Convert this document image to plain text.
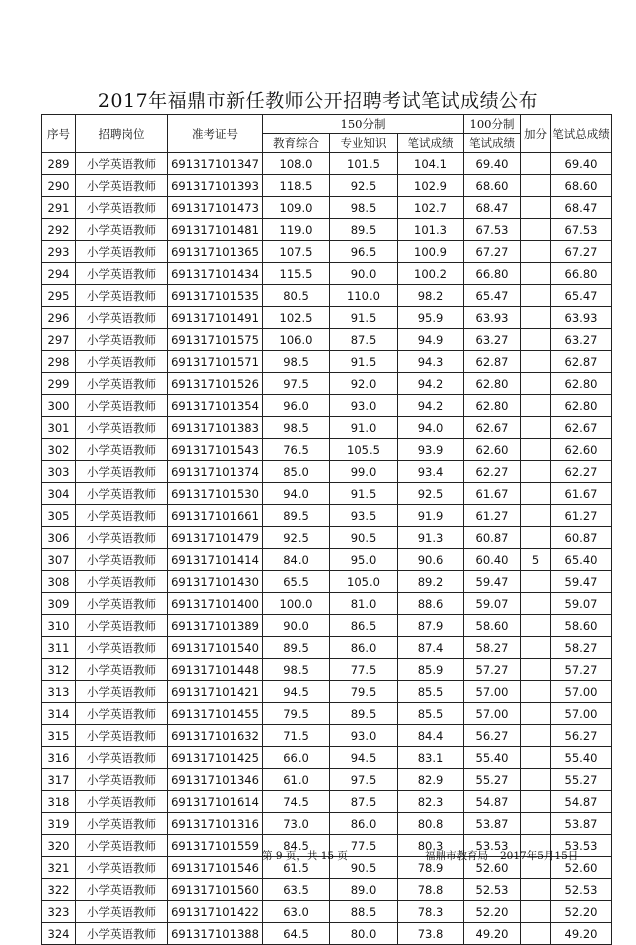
2017年福鼎市新任教师公开招聘考试笔试成绩公布
序号	招聘岗位	准考证号	150分制			100分制	加分	笔试总成绩
			教育综合	专业知识	笔试成绩	笔试成绩		
289	小学英语教师	691317101347	108.0	101.5	104.1	69.40		69.40
290	小学英语教师	691317101393	118.5	92.5	102.9	68.60		68.60
291	小学英语教师	691317101473	109.0	98.5	102.7	68.47		68.47
292	小学英语教师	691317101481	119.0	89.5	101.3	67.53		67.53
293	小学英语教师	691317101365	107.5	96.5	100.9	67.27		67.27
294	小学英语教师	691317101434	115.5	90.0	100.2	66.80		66.80
295	小学英语教师	691317101535	80.5	110.0	98.2	65.47		65.47
296	小学英语教师	691317101491	102.5	91.5	95.9	63.93		63.93
297	小学英语教师	691317101575	106.0	87.5	94.9	63.27		63.27
298	小学英语教师	691317101571	98.5	91.5	94.3	62.87		62.87
299	小学英语教师	691317101526	97.5	92.0	94.2	62.80		62.80
300	小学英语教师	691317101354	96.0	93.0	94.2	62.80		62.80
301	小学英语教师	691317101383	98.5	91.0	94.0	62.67		62.67
302	小学英语教师	691317101543	76.5	105.5	93.9	62.60		62.60
303	小学英语教师	691317101374	85.0	99.0	93.4	62.27		62.27
304	小学英语教师	691317101530	94.0	91.5	92.5	61.67		61.67
305	小学英语教师	691317101661	89.5	93.5	91.9	61.27		61.27
306	小学英语教师	691317101479	92.5	90.5	91.3	60.87		60.87
307	小学英语教师	691317101414	84.0	95.0	90.6	60.40	5	65.40
308	小学英语教师	691317101430	65.5	105.0	89.2	59.47		59.47
309	小学英语教师	691317101400	100.0	81.0	88.6	59.07		59.07
310	小学英语教师	691317101389	90.0	86.5	87.9	58.60		58.60
311	小学英语教师	691317101540	89.5	86.0	87.4	58.27		58.27
312	小学英语教师	691317101448	98.5	77.5	85.9	57.27		57.27
313	小学英语教师	691317101421	94.5	79.5	85.5	57.00		57.00
314	小学英语教师	691317101455	79.5	89.5	85.5	57.00		57.00
315	小学英语教师	691317101632	71.5	93.0	84.4	56.27		56.27
316	小学英语教师	691317101425	66.0	94.5	83.1	55.40		55.40
317	小学英语教师	691317101346	61.0	97.5	82.9	55.27		55.27
318	小学英语教师	691317101614	74.5	87.5	82.3	54.87		54.87
319	小学英语教师	691317101316	73.0	86.0	80.8	53.87		53.87
320	小学英语教师	691317101559	84.5	77.5	80.3	53.53		53.53
321	小学英语教师	691317101546	61.5	90.5	78.9	52.60		52.60
322	小学英语教师	691317101560	63.5	89.0	78.8	52.53		52.53
323	小学英语教师	691317101422	63.0	88.5	78.3	52.20		52.20
324	小学英语教师	691317101388	64.5	80.0	73.8	49.20		49.20
第 9 页，共 15 页	福鼎市教育局 2017年5月15日
